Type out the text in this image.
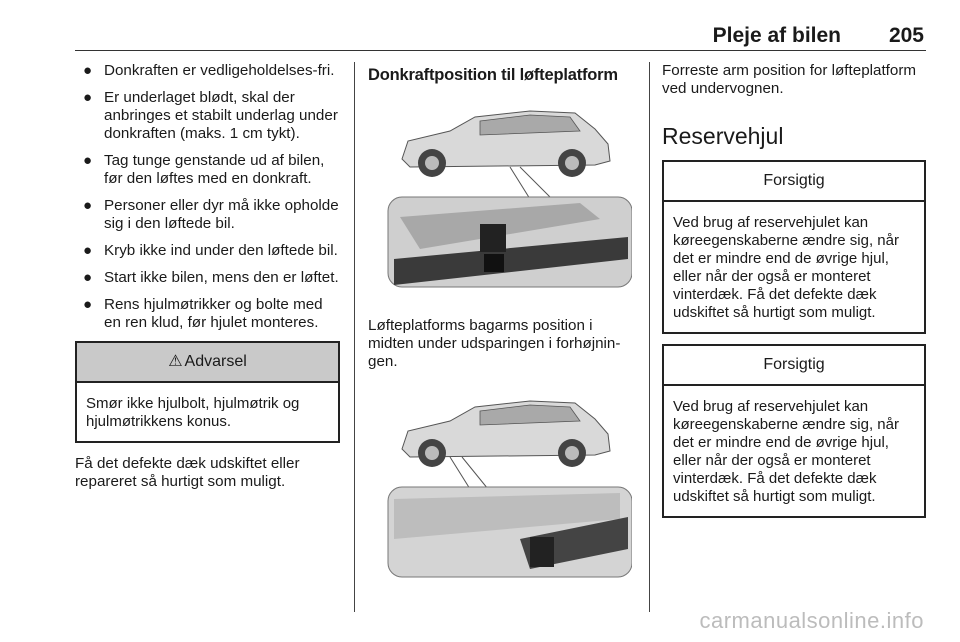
Pleje af bilen 205
● Donkraften er vedligeholdelses-fri.
● Er underlaget blødt, skal der anbringes et stabilt underlag under donkraften (maks. 1 cm tykt).
● Tag tunge genstande ud af bilen, før den løftes med en donkraft.
● Personer eller dyr må ikke opholde sig i den løftede bil.
● Kryb ikke ind under den løftede bil.
● Start ikke bilen, mens den er løftet.
● Rens hjulmøtrikker og bolte med en ren klud, før hjulet monteres.
⚠ Advarsel
Smør ikke hjulbolt, hjulmøtrik og hjulmøtrikkens konus.

Få det defekte dæk udskiftet eller repareret så hurtigt som muligt.

Donkraftposition til løfteplatform

Løfteplatforms bagarms position i midten under udsparingen i forhøjnin-gen.

Forreste arm position for løfteplatform ved undervognen.

Reservehjul
Forsigtig
Ved brug af reservehjulet kan køreegenskaberne ændre sig, når det er mindre end de øvrige hjul, eller når der også er monteret vinterdæk. Få det defekte dæk udskiftet så hurtigt som muligt.
Forsigtig
Ved brug af reservehjulet kan køreegenskaberne ændre sig, når det er mindre end de øvrige hjul, eller når der også er monteret vinterdæk. Få det defekte dæk udskiftet så hurtigt som muligt.
carmanualsonline.info
